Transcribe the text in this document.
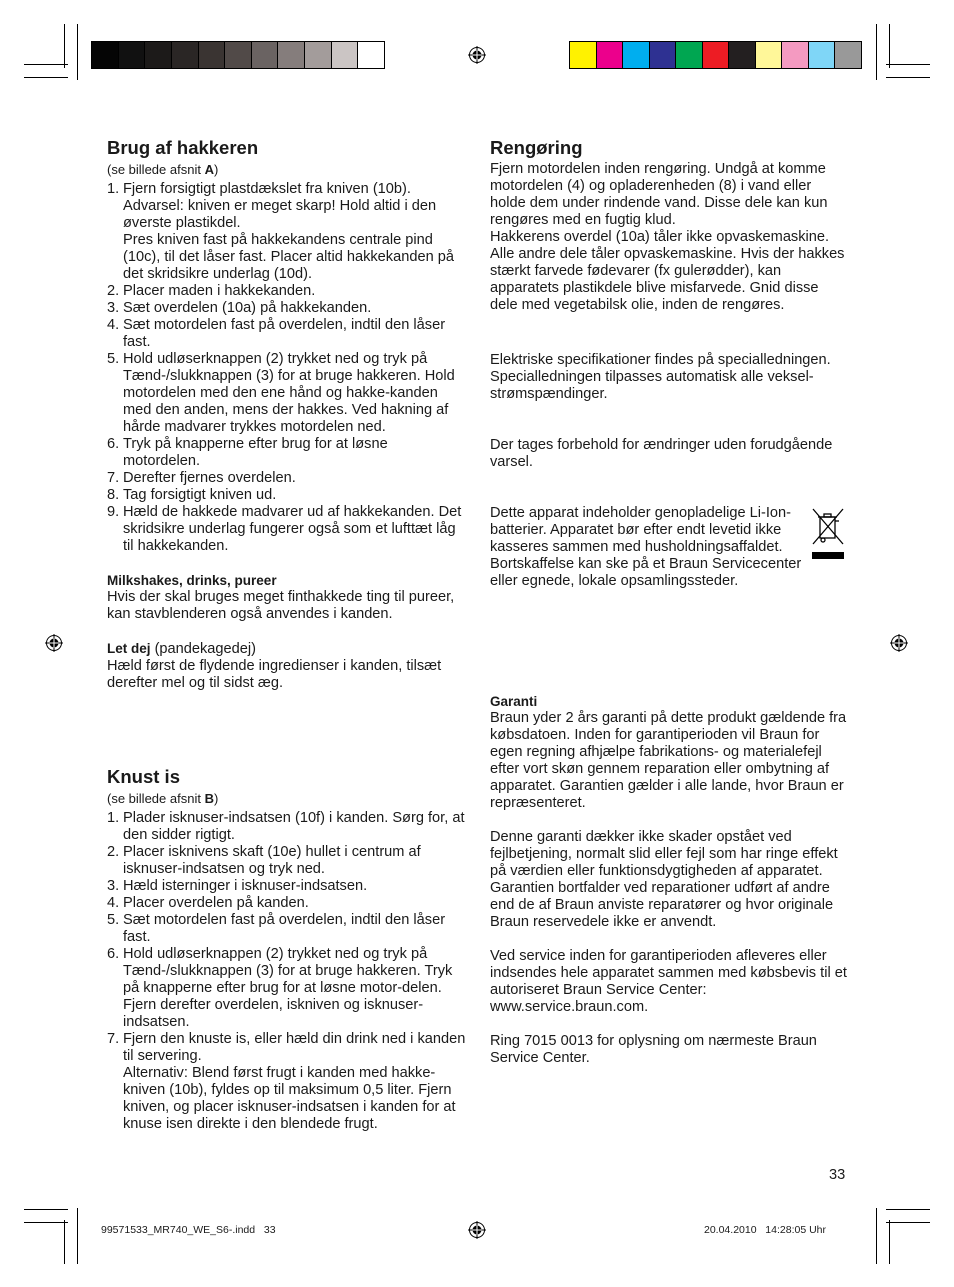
Brug af hakkeren

(se billede afsnit A)

1. Fjern forsigtigt plastdækslet fra kniven (10b). Advarsel: kniven er meget skarp! Hold altid i den øverste plastikdel.
Pres kniven fast på hakkekandens centrale pind (10c), til det låser fast. Placer altid hakkekanden på det skridsikre underlag (10d).
2. Placer maden i hakkekanden.
3. Sæt overdelen (10a) på hakkekanden.
4. Sæt motordelen fast på overdelen, indtil den låser fast.
5. Hold udløserknappen (2) trykket ned og tryk på Tænd-/slukknappen (3) for at bruge hakkeren. Hold motordelen med den ene hånd og hakke-kanden med den anden, mens der hakkes. Ved hakning af hårde madvarer trykkes motordelen ned.
6. Tryk på knapperne efter brug for at løsne motordelen.
7. Derefter fjernes overdelen.
8. Tag forsigtigt kniven ud.
9. Hæld de hakkede madvarer ud af hakkekanden. Det skridsikre underlag fungerer også som et lufttæt låg til hakkekanden.

Milkshakes, drinks, pureer

Hvis der skal bruges meget finthakkede ting til pureer, kan stavblenderen også anvendes i kanden.

Let dej (pandekagedej)

Hæld først de flydende ingredienser i kanden, tilsæt derefter mel og til sidst æg.

Knust is

(se billede afsnit B)

1. Plader isknuser-indsatsen (10f) i kanden. Sørg for, at den sidder rigtigt.
2. Placer isknivens skaft (10e) hullet i centrum af isknuser-indsatsen og tryk ned.
3. Hæld isterninger i isknuser-indsatsen.
4. Placer overdelen på kanden.
5. Sæt motordelen fast på overdelen, indtil den låser fast.
6. Hold udløserknappen (2) trykket ned og tryk på Tænd-/slukknappen (3) for at bruge hakkeren. Tryk på knapperne efter brug for at løsne motor-delen. Fjern derefter overdelen, iskniven og isknuser-indsatsen.
7. Fjern den knuste is, eller hæld din drink ned i kanden til servering.
Alternativ: Blend først frugt i kanden med hakke-kniven (10b), fyldes op til maksimum 0,5 liter. Fjern kniven, og placer isknuser-indsatsen i kanden for at knuse isen direkte i den blendede frugt.
Rengøring

Fjern motordelen inden rengøring. Undgå at komme motordelen (4) og opladerenheden (8) i vand eller holde dem under rindende vand. Disse dele kan kun rengøres med en fugtig klud.
Hakkerens overdel (10a) tåler ikke opvaskemaskine. Alle andre dele tåler opvaskemaskine. Hvis der hakkes stærkt farvede fødevarer (fx gulerødder), kan apparatets plastikdele blive misfarvede. Gnid disse dele med vegetabilsk olie, inden de rengøres.

Elektriske specifikationer findes på specialledningen. Specialledningen tilpasses automatisk alle veksel-strømspændinger.

Der tages forbehold for ændringer uden forudgående varsel.

Dette apparat indeholder genopladelige Li-Ion-batterier. Apparatet bør efter endt levetid ikke kasseres sammen med husholdningsaffaldet. Bortskaffelse kan ske på et Braun Servicecenter eller egnede, lokale opsamlingssteder.

Garanti

Braun yder 2 års garanti på dette produkt gældende fra købsdatoen. Inden for garantiperioden vil Braun for egen regning afhjælpe fabrikations- og materialefejl efter vort skøn gennem reparation eller ombytning af apparatet. Garantien gælder i alle lande, hvor Braun er repræsenteret.

Denne garanti dækker ikke skader opstået ved fejlbetjening, normalt slid eller fejl som har ringe effekt på værdien eller funktionsdygtigheden af apparatet. Garantien bortfalder ved reparationer udført af andre end de af Braun anviste reparatører og hvor originale Braun reservedele ikke er anvendt.

Ved service inden for garantiperioden afleveres eller indsendes hele apparatet sammen med købsbevis til et autoriseret Braun Service Center: www.service.braun.com.

Ring 7015 0013 for oplysning om nærmeste Braun Service Center.

33
99571533_MR740_WE_S6-.indd   33	20.04.2010   14:28:05 Uhr
